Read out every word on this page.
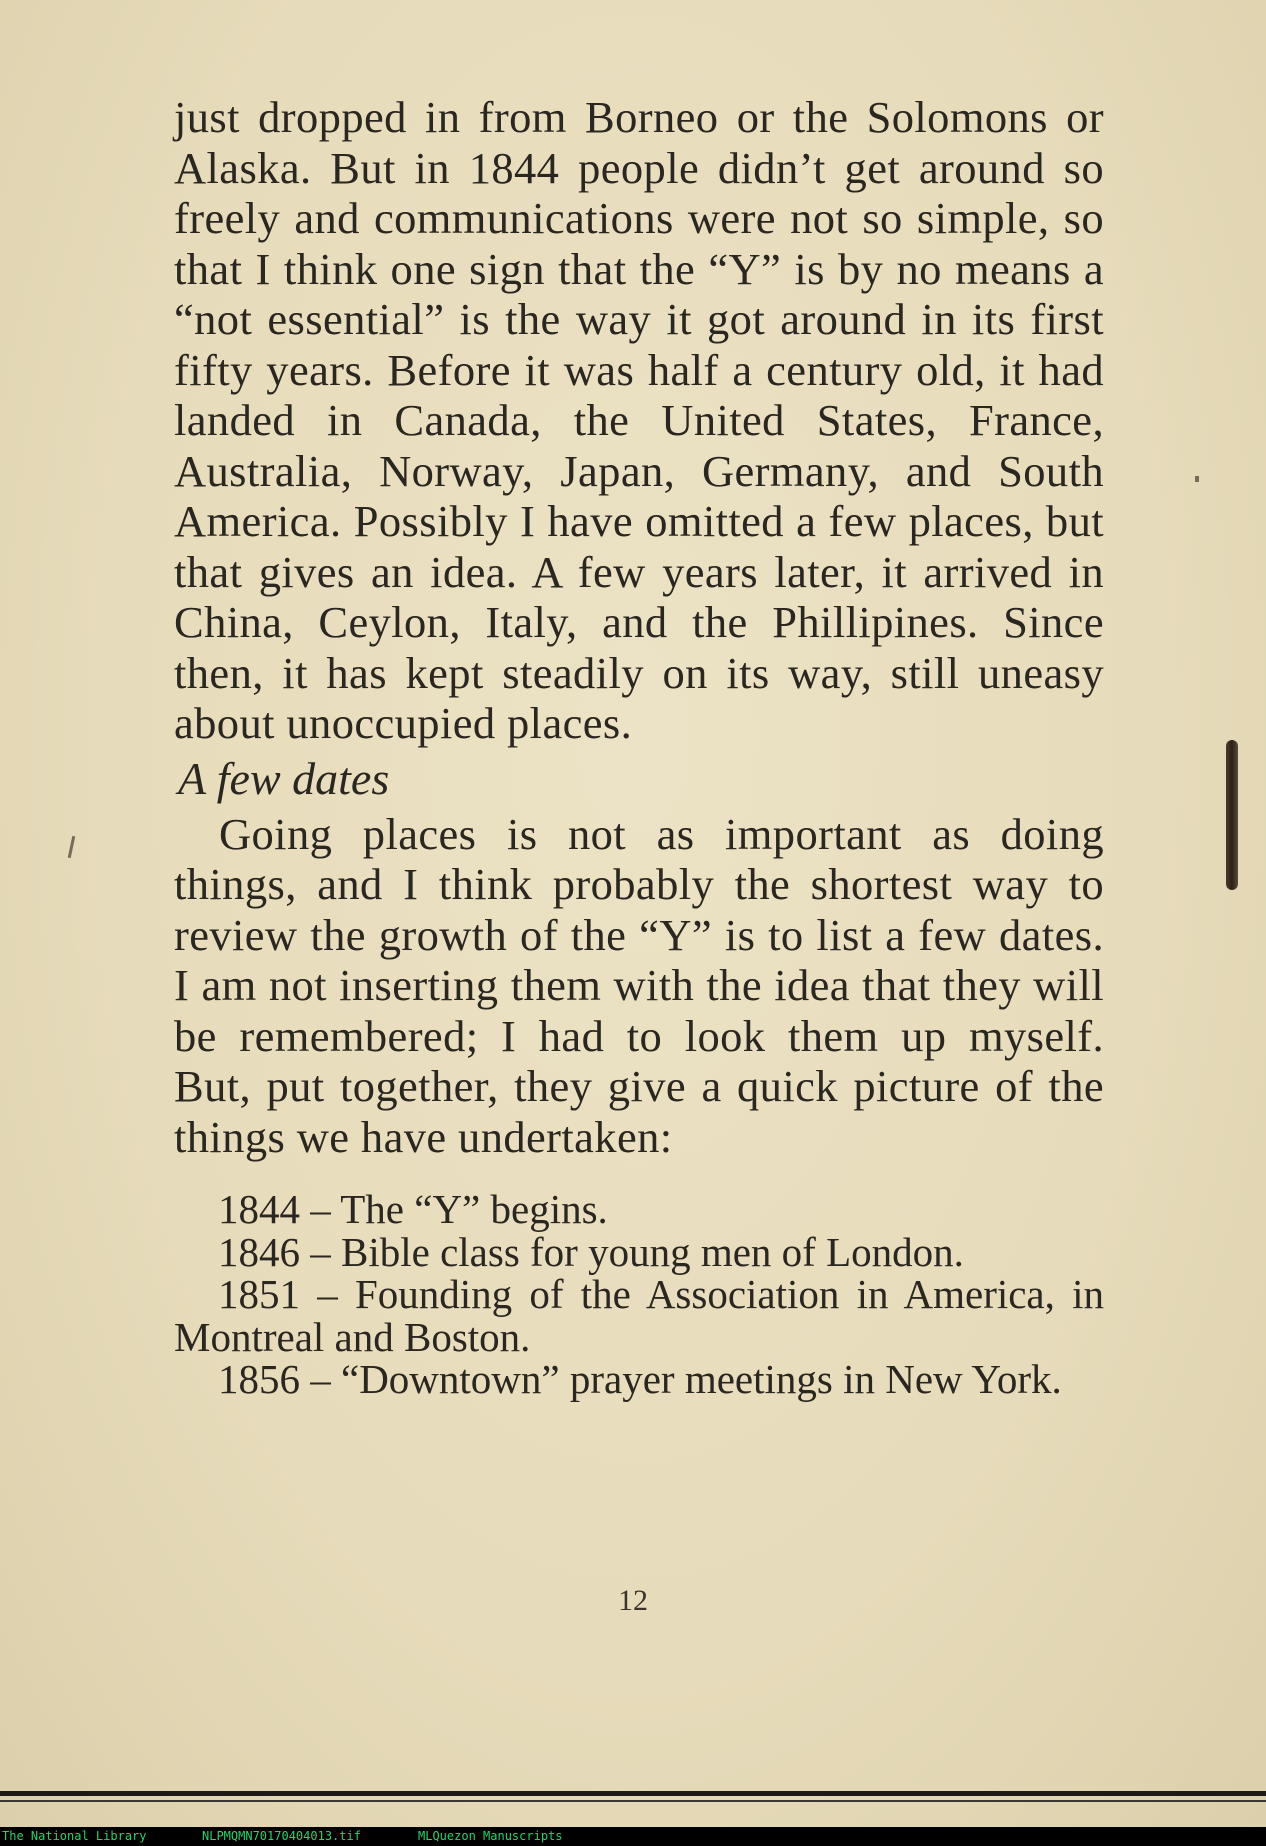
just dropped in from Borneo or the Solomons or Alaska. But in 1844 people didn’t get around so freely and communications were not so simple, so that I think one sign that the “Y” is by no means a “not essential” is the way it got around in its first fifty years. Before it was half a century old, it had landed in Canada, the United States, France, Australia, Norway, Japan, Germany, and South America. Possibly I have omitted a few places, but that gives an idea. A few years later, it arrived in China, Ceylon, Italy, and the Phillipines. Since then, it has kept steadily on its way, still uneasy about unoccupied places.

A few dates

Going places is not as important as doing things, and I think probably the shortest way to review the growth of the “Y” is to list a few dates. I am not inserting them with the idea that they will be remembered; I had to look them up myself. But, put together, they give a quick picture of the things we have undertaken:

1844 – The “Y” begins.

1846 – Bible class for young men of London.

1851 – Founding of the Association in America, in Montreal and Boston.

1856 – “Downtown” prayer meetings in New York.

12
The National Library	NLPMQMN70170404013.tif	MLQuezon Manuscripts
